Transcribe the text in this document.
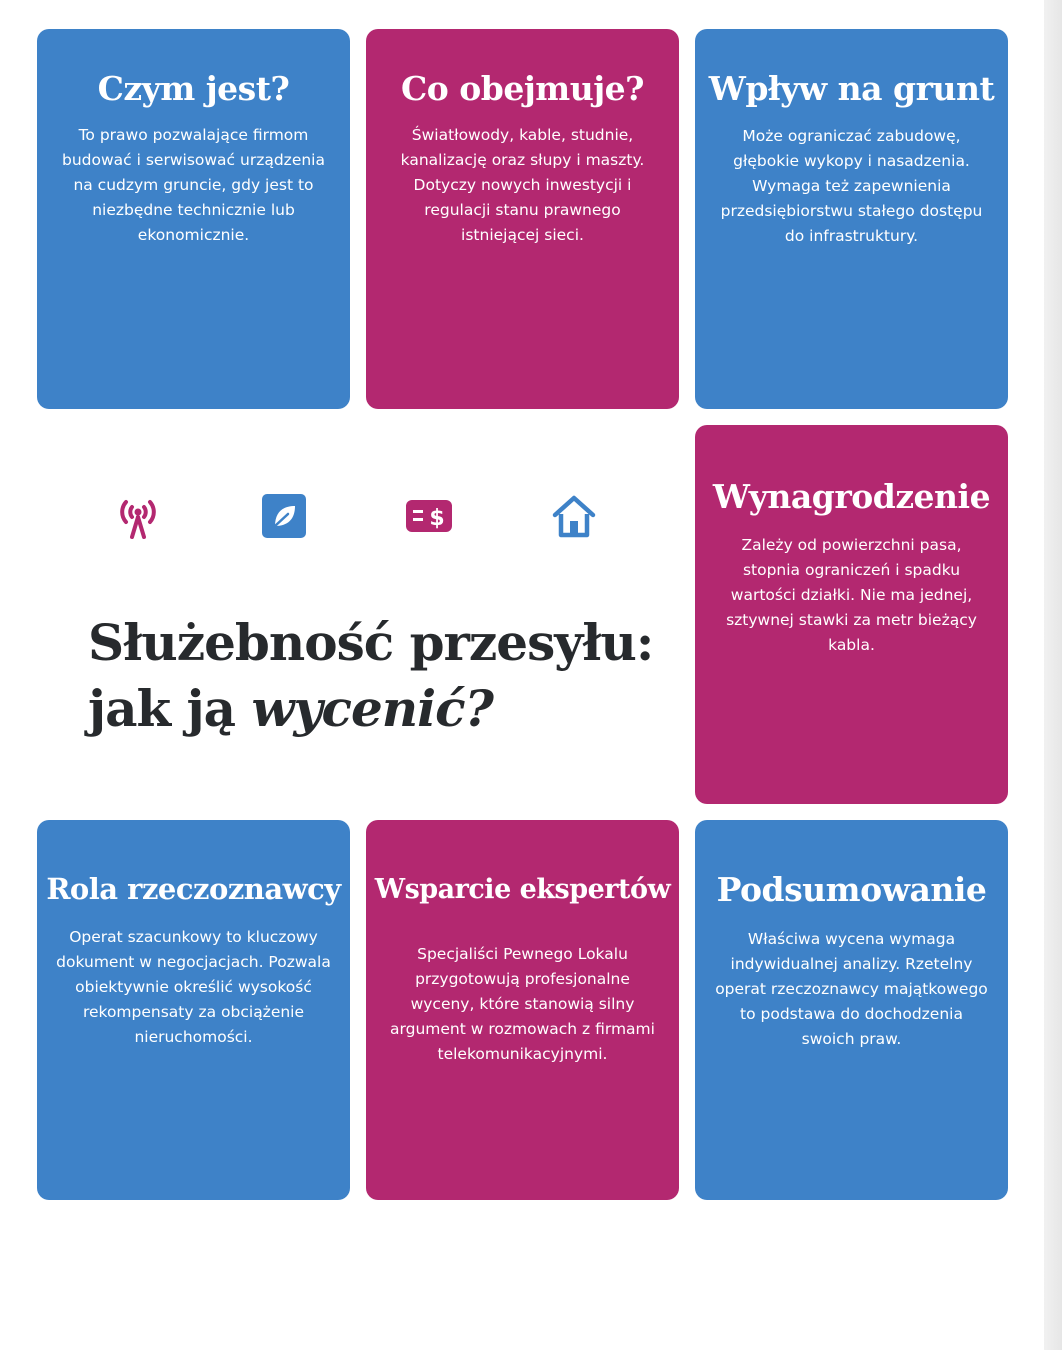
Czym jest?

To prawo pozwalające firmom budować i serwisować urządzenia na cudzym gruncie, gdy jest to niezbędne technicznie lub ekonomicznie.

Co obejmuje?

Światłowody, kable, studnie, kanalizację oraz słupy i maszty. Dotyczy nowych inwestycji i regulacji stanu prawnego istniejącej sieci.

Wpływ na grunt

Może ograniczać zabudowę, głębokie wykopy i nasadzenia. Wymaga też zapewnienia przedsiębiorstwu stałego dostępu do infrastruktury.

$
Służebność przesyłu:
jak ją wycenić?
Wynagrodzenie

Zależy od powierzchni pasa, stopnia ograniczeń i spadku wartości działki. Nie ma jednej, sztywnej stawki za metr bieżący kabla.

Rola rzeczoznawcy

Operat szacunkowy to kluczowy dokument w negocjacjach. Pozwala obiektywnie określić wysokość rekompensaty za obciążenie nieruchomości.

Wsparcie ekspertów

Specjaliści Pewnego Lokalu przygotowują profesjonalne wyceny, które stanowią silny argument w rozmowach z firmami telekomunikacyjnymi.

Podsumowanie

Właściwa wycena wymaga indywidualnej analizy. Rzetelny operat rzeczoznawcy majątkowego to podstawa do dochodzenia swoich praw.
